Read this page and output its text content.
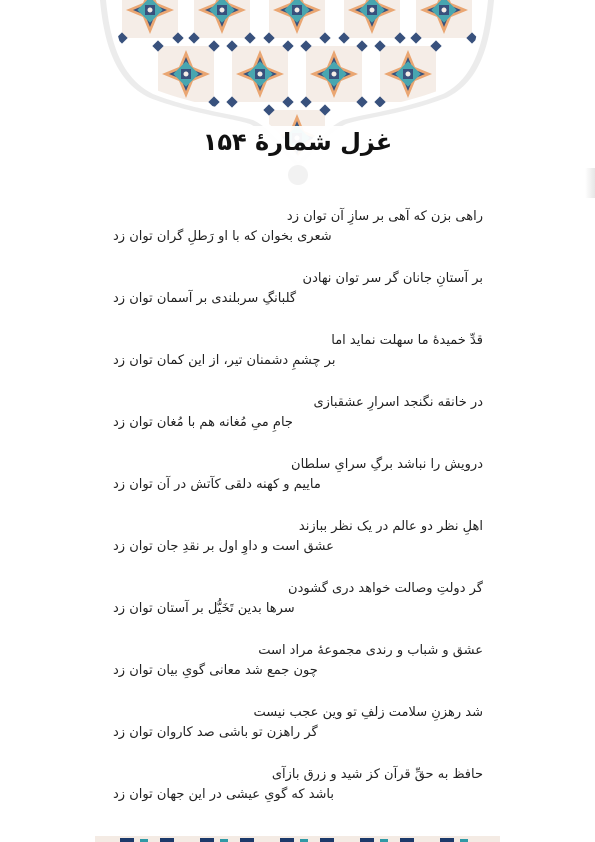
غزل شمارهٔ ۱۵۴
راهی بزن که آهی بر سازِ آن توان زد
شعری بخوان که با او رَطلِ گران توان زد
بر آستانِ جانان گر سر توان نهادن
گلبانگِ سربلندی بر آسمان توان زد
قدِّ خمیدهٔ ما سهلت نماید اما
بر چشمِ دشمنان تیر، از این کمان توان زد
در خانقه نگنجد اسرارِ عشقبازی
جامِ میِ مُغانه هم با مُغان توان زد
درویش را نباشد برگِ سرایِ سلطان
ماییم و کهنه دلقی کآتش در آن توان زد
اهلِ نظر دو عالم در یک نظر ببازند
عشق است و داوِ اول بر نقدِ جان توان زد
گر دولتِ وصالت خواهد دری گشودن
سرها بدین تَخَیُّل بر آستان توان زد
عشق و شباب و رندی مجموعهٔ مراد است
چون جمع شد معانی گویِ بیان توان زد
شد رهزنِ سلامت زلفِ تو وین عجب نیست
گر راهزن تو باشی صد کاروان توان زد
حافظ به حقِّ قرآن کز شید و زرق بازآی
باشد که گویِ عیشی در این جهان توان زد
